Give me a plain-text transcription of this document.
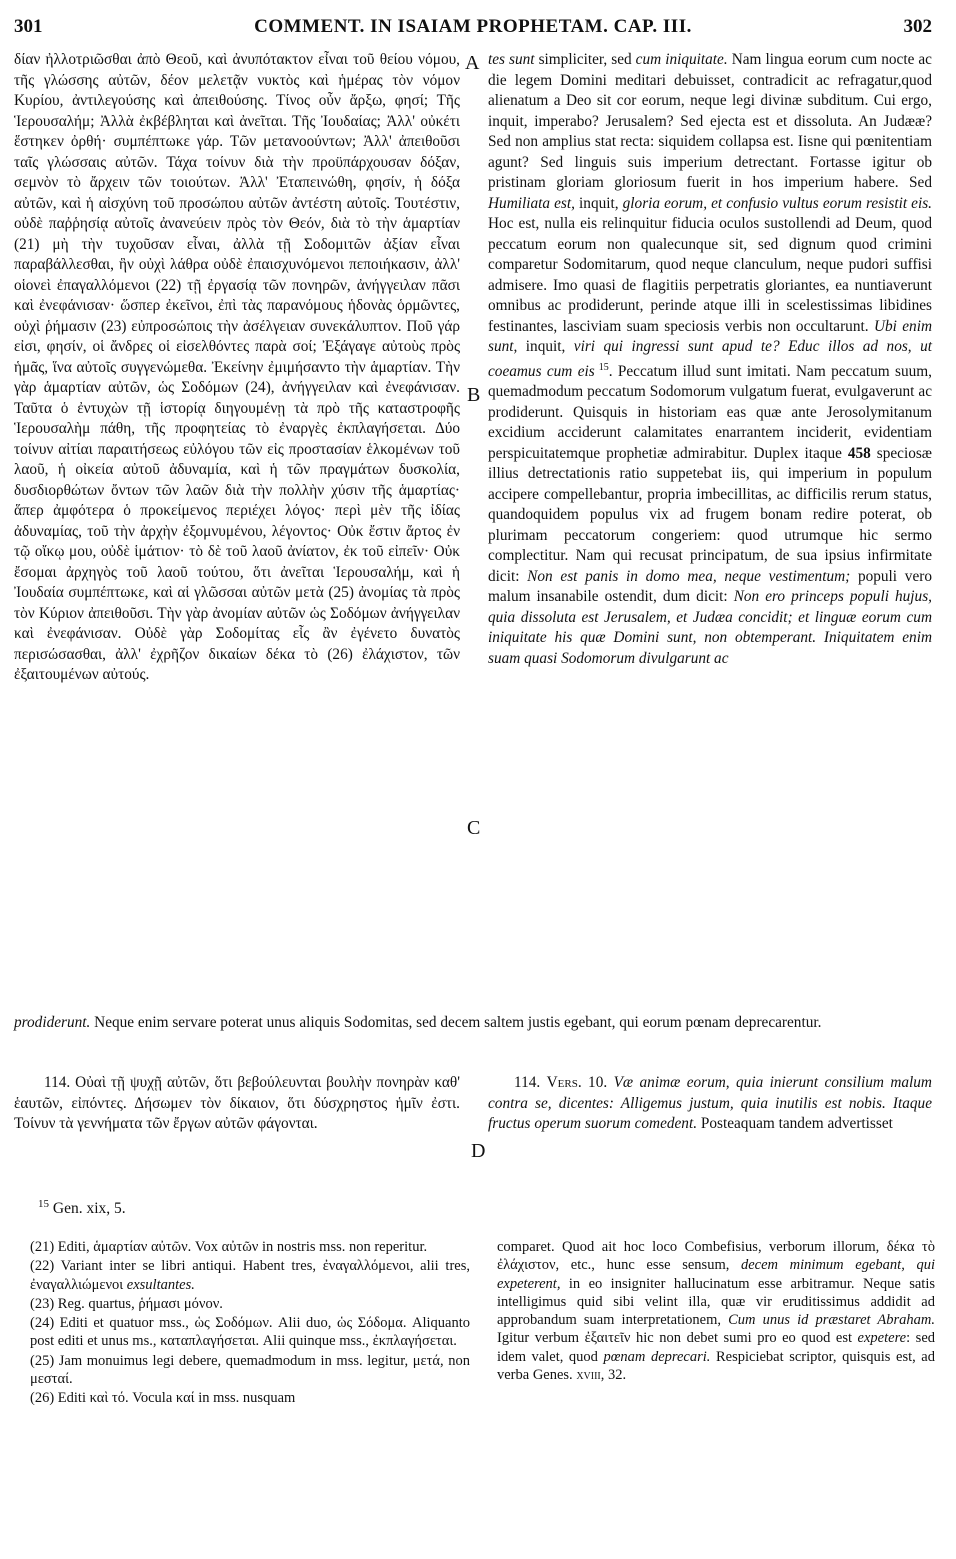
301	COMMENT. IN ISAIAM PROPHETAM. CAP. III.	302
A
B
C
D

δίαν ἠλλοτριῶσθαι ἀπὸ Θεοῦ, καὶ ἀνυπότακτον εἶναι τοῦ θείου νόμου, τῆς γλώσσης αὐτῶν, δέον μελετᾷν νυκτὸς καὶ ἡμέρας τὸν νόμον Κυρίου, ἀντιλεγούσης καὶ ἀπειθούσης. Τίνος οὖν ἄρξω, φησί; Τῆς Ἱερουσαλήμ; Ἀλλὰ ἐκβέβληται καὶ ἀνεῖται. Τῆς Ἰουδαίας; Ἀλλ' οὐκέτι ἕστηκεν ὀρθή· συμπέπτωκε γάρ. Τῶν μετανοούντων; Ἀλλ' ἀπειθοῦσι ταῖς γλώσσαις αὐτῶν. Τάχα τοίνυν διὰ τὴν προϋπάρχουσαν δόξαν, σεμνὸν τὸ ἄρχειν τῶν τοιούτων. Ἀλλ' Ἐταπεινώθη, φησίν, ἡ δόξα αὐτῶν, καὶ ἡ αἰσχύνη τοῦ προσώπου αὐτῶν ἀντέστη αὐτοῖς. Τουτέστιν, οὐδὲ παῤῥησίᾳ αὐτοῖς ἀνανεύειν πρὸς τὸν Θεόν, διὰ τὸ τὴν ἁμαρτίαν (21) μὴ τὴν τυχοῦσαν εἶναι, ἀλλὰ τῇ Σοδομιτῶν ἀξίαν εἶναι παραβάλλεσθαι, ἣν οὐχὶ λάθρα οὐδὲ ἐπαισχυνόμενοι πεποιήκασιν, ἀλλ' οἱονεὶ ἐπαγαλλόμενοι (22) τῇ ἐργασίᾳ τῶν πονηρῶν, ἀνήγγειλαν πᾶσι καὶ ἐνεφάνισαν· ὥσπερ ἐκεῖνοι, ἐπὶ τὰς παρανόμους ἡδονὰς ὁρμῶντες, οὐχὶ ῥήμασιν (23) εὐπροσώποις τὴν ἀσέλγειαν συνεκάλυπτον. Ποῦ γάρ εἰσι, φησίν, οἱ ἄνδρες οἱ εἰσελθόντες παρὰ σοί; Ἐξάγαγε αὐτοὺς πρὸς ἡμᾶς, ἵνα αὐτοῖς συγγενώμεθα. Ἐκείνην ἐμιμήσαντο τὴν ἁμαρτίαν. Τὴν γὰρ ἁμαρτίαν αὐτῶν, ὡς Σοδόμων (24), ἀνήγγειλαν καὶ ἐνεφάνισαν. Ταῦτα ὁ ἐντυχὼν τῇ ἱστορίᾳ διηγουμένῃ τὰ πρὸ τῆς καταστροφῆς Ἱερουσαλὴμ πάθη, τῆς προφητείας τὸ ἐναργὲς ἐκπλαγήσεται. Δύο τοίνυν αἰτίαι παραιτήσεως εὐλόγου τῶν εἰς προστασίαν ἑλκομένων τοῦ λαοῦ, ἡ οἰκεία αὐτοῦ ἀδυναμία, καὶ ἡ τῶν πραγμάτων δυσκολία, δυσδιορθώτων ὄντων τῶν λαῶν διὰ τὴν πολλὴν χύσιν τῆς ἁμαρτίας· ἅπερ ἀμφότερα ὁ προκείμενος περιέχει λόγος· περὶ μὲν τῆς ἰδίας ἀδυναμίας, τοῦ τὴν ἀρχὴν ἐξομνυμένου, λέγοντος· Οὐκ ἔστιν ἄρτος ἐν τῷ οἴκῳ μου, οὐδὲ ἱμάτιον· τὸ δὲ τοῦ λαοῦ ἀνίατον, ἐκ τοῦ εἰπεῖν· Οὐκ ἔσομαι ἀρχηγὸς τοῦ λαοῦ τούτου, ὅτι ἀνεῖται Ἱερουσαλήμ, καὶ ἡ Ἰουδαία συμπέπτωκε, καὶ αἱ γλῶσσαι αὐτῶν μετὰ (25) ἀνομίας τὰ πρὸς τὸν Κύριον ἀπειθοῦσι. Τὴν γὰρ ἀνομίαν αὐτῶν ὡς Σοδόμων ἀνήγγειλαν καὶ ἐνεφάνισαν. Οὐδὲ γὰρ Σοδομίτας εἷς ἂν ἐγένετο δυνατὸς περισώσασθαι, ἀλλ' ἐχρῆζον δικαίων δέκα τὸ (26) ἐλάχιστον, τῶν ἐξαιτουμένων αὐτούς.

tes sunt simpliciter, sed cum iniquitate. Nam lingua eorum cum nocte ac die legem Domini meditari debuisset, contradicit ac refragatur,quod alienatum a Deo sit cor eorum, neque legi divinæ subditum. Cui ergo, inquit, imperabo? Jerusalem? Sed ejecta est et dissoluta. An Judææ? Sed non amplius stat recta: siquidem collapsa est. Iisne qui pœnitentiam agunt? Sed linguis suis imperium detrectant. Fortasse igitur ob pristinam gloriam gloriosum fuerit in hos imperium habere. Sed Humiliata est, inquit, gloria eorum, et confusio vultus eorum resistit eis. Hoc est, nulla eis relinquitur fiducia oculos sustollendi ad Deum, quod peccatum eorum non qualecunque sit, sed dignum quod crimini comparetur Sodomitarum, quod neque clanculum, neque pudori suffisi admisere. Imo quasi de flagitiis perpetratis gloriantes, ea nuntiaverunt omnibus ac prodiderunt, perinde atque illi in scelestissimas libidines festinantes, lasciviam suam speciosis verbis non occultarunt. Ubi enim sunt, inquit, viri qui ingressi sunt apud te? Educ illos ad nos, ut coeamus cum eis $^{15}$. Peccatum illud sunt imitati. Nam peccatum suum, quemadmodum peccatum Sodomorum vulgatum fuerat, evulgaverunt ac prodiderunt. Quisquis in historiam eas quæ ante Jerosolymitanum excidium acciderunt calamitates enarrantem inciderit, evidentiam perspicuitatemque prophetiæ admirabitur. Duplex itaque 458 speciosæ illius detrectationis ratio suppetebat iis, qui imperium in populum accipere compellebantur, propria imbecillitas, ac difficilis rerum status, quandoquidem populus vix ad frugem bonam redire poterat, ob plurimam peccatorum congeriem: quod utrumque hic sermo complectitur. Nam qui recusat principatum, de sua ipsius infirmitate dicit: Non est panis in domo mea, neque vestimentum; populi vero malum insanabile ostendit, dum dicit: Non ero princeps populi hujus, quia dissoluta est Jerusalem, et Judæa concidit; et linguæ eorum cum iniquitate his quæ Domini sunt, non obtemperant. Iniquitatem enim suam quasi Sodomorum divulgarunt ac

prodiderunt. Neque enim servare poterat unus aliquis Sodomitas, sed decem saltem justis egebant, qui eorum pœnam deprecarentur.

114. Οὐαὶ τῇ ψυχῇ αὐτῶν, ὅτι βεβούλευνται βουλὴν πονηρὰν καθ' ἑαυτῶν, εἰπόντες. Δήσωμεν τὸν δίκαιον, ὅτι δύσχρηστος ἡμῖν ἐστι. Τοίνυν τὰ γεννήματα τῶν ἔργων αὐτῶν φάγονται.

114. Vers. 10. Væ animæ eorum, quia inierunt consilium malum contra se, dicentes: Alligemus justum, quia inutilis est nobis. Itaque fructus operum suorum comedent. Posteaquam tandem advertisset

$^{15}$ Gen. xix, 5.

(21) Editi, ἁμαρτίαν αὐτῶν. Vox αὐτῶν in nostris mss. non reperitur.

(22) Variant inter se libri antiqui. Habent tres, ἐναγαλλόμενοι, alii tres, ἐναγαλλιώμενοι exsultantes.

(23) Reg. quartus, ῥήμασι μόνον.

(24) Editi et quatuor mss., ὡς Σοδόμων. Alii duo, ὡς Σόδομα. Aliquanto post editi et unus ms., καταπλαγήσεται. Alii quinque mss., ἐκπλαγήσεται.

(25) Jam monuimus legi debere, quemadmodum in mss. legitur, μετά, non μεσταί.

(26) Editi καὶ τό. Vocula καί in mss. nusquam

comparet. Quod ait hoc loco Combefisius, verborum illorum, δέκα τὸ ἐλάχιστον, etc., hunc esse sensum, decem minimum egebant, qui expeterent, in eo insigniter hallucinatum esse arbitramur. Neque satis intelligimus quid sibi velint illa, quæ vir eruditissimus addidit ad approbandum suam interpretationem, Cum unus id præstaret Abraham. Igitur verbum ἐξαιτεῖν hic non debet sumi pro eo quod est expetere: sed idem valet, quod pœnam deprecari. Respiciebat scriptor, quisquis est, ad verba Genes. xviii, 32.
